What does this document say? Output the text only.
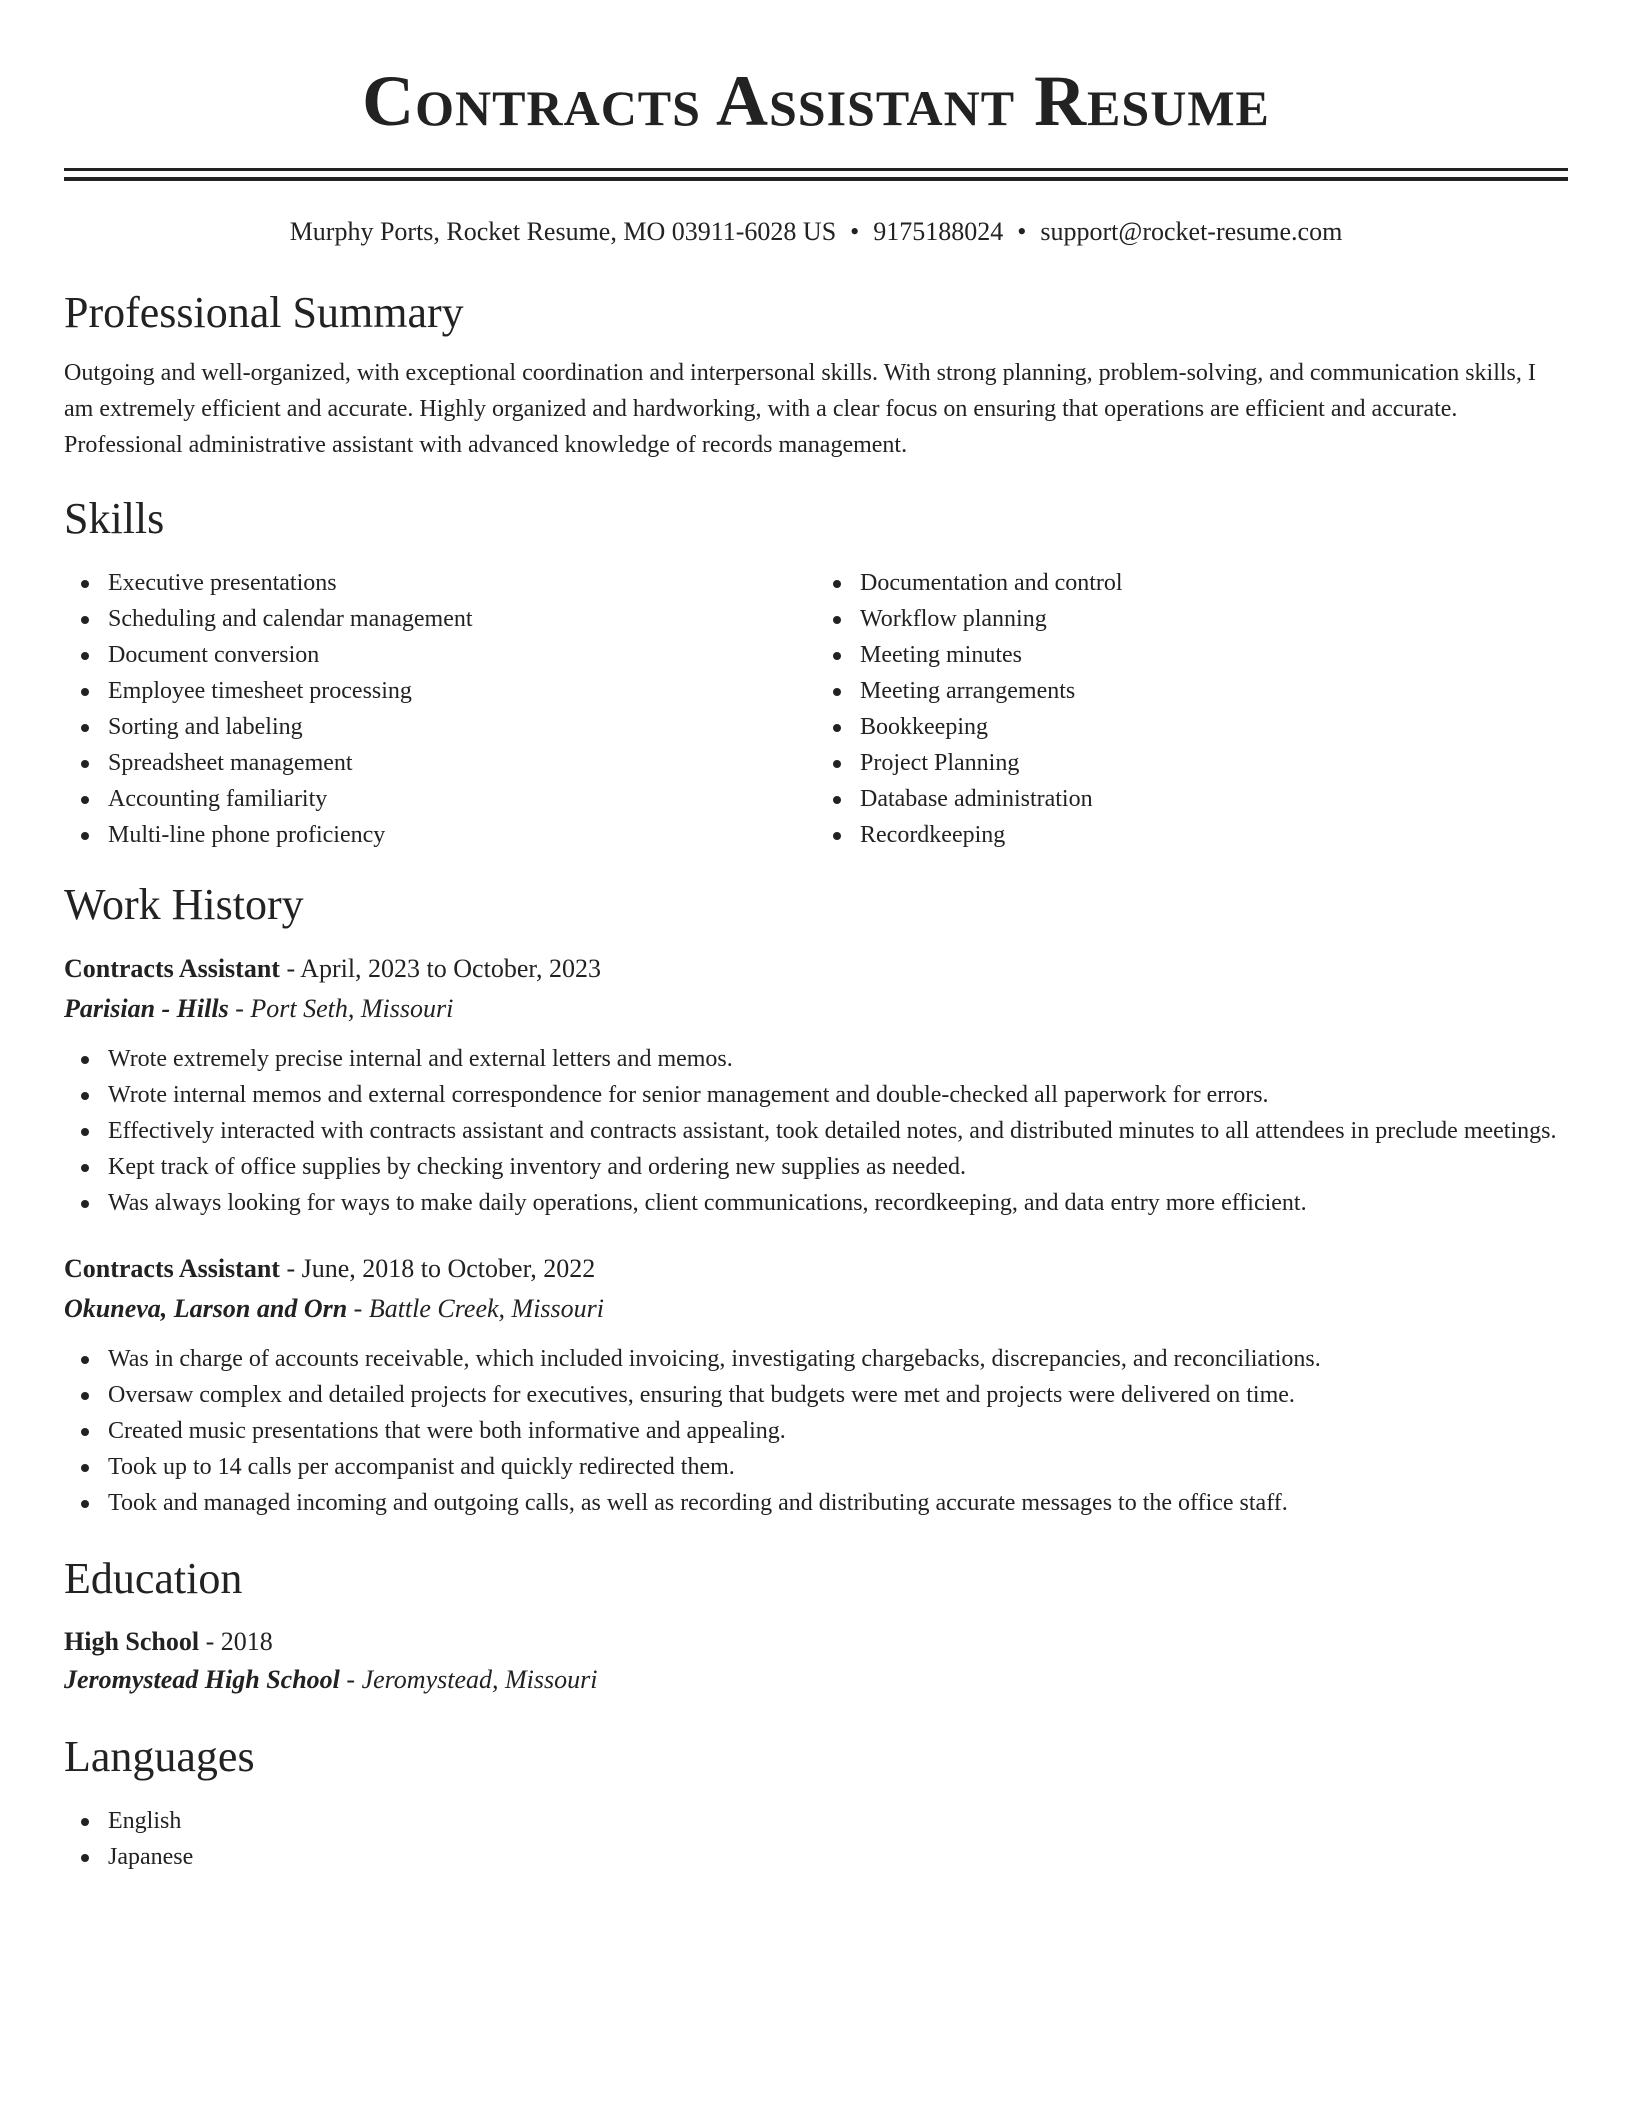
Contracts Assistant Resume
Murphy Ports, Rocket Resume, MO 03911-6028 US • 9175188024 • support@rocket-resume.com
Professional Summary
Outgoing and well-organized, with exceptional coordination and interpersonal skills. With strong planning, problem-solving, and communication skills, I am extremely efficient and accurate. Highly organized and hardworking, with a clear focus on ensuring that operations are efficient and accurate. Professional administrative assistant with advanced knowledge of records management.
Skills
Executive presentations
Scheduling and calendar management
Document conversion
Employee timesheet processing
Sorting and labeling
Spreadsheet management
Accounting familiarity
Multi-line phone proficiency
Documentation and control
Workflow planning
Meeting minutes
Meeting arrangements
Bookkeeping
Project Planning
Database administration
Recordkeeping
Work History
Contracts Assistant - April, 2023 to October, 2023
Parisian - Hills - Port Seth, Missouri
Wrote extremely precise internal and external letters and memos.
Wrote internal memos and external correspondence for senior management and double-checked all paperwork for errors.
Effectively interacted with contracts assistant and contracts assistant, took detailed notes, and distributed minutes to all attendees in preclude meetings.
Kept track of office supplies by checking inventory and ordering new supplies as needed.
Was always looking for ways to make daily operations, client communications, recordkeeping, and data entry more efficient.
Contracts Assistant - June, 2018 to October, 2022
Okuneva, Larson and Orn - Battle Creek, Missouri
Was in charge of accounts receivable, which included invoicing, investigating chargebacks, discrepancies, and reconciliations.
Oversaw complex and detailed projects for executives, ensuring that budgets were met and projects were delivered on time.
Created music presentations that were both informative and appealing.
Took up to 14 calls per accompanist and quickly redirected them.
Took and managed incoming and outgoing calls, as well as recording and distributing accurate messages to the office staff.
Education
High School - 2018
Jeromystead High School - Jeromystead, Missouri
Languages
English
Japanese
